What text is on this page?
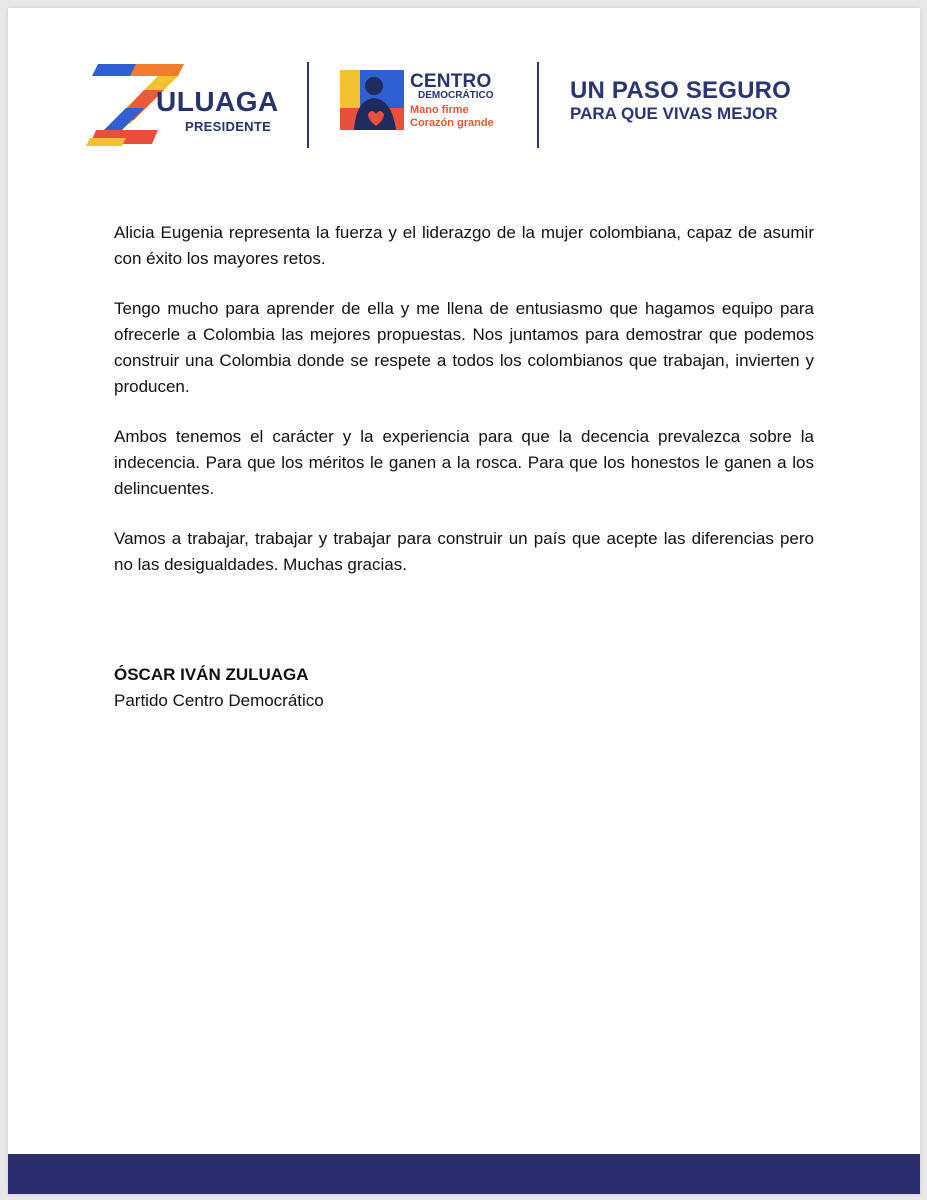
ULUAGA
PRESIDENTE
CENTRO
DEMOCRÁTICO
Mano firme
Corazón grande
UN PASO SEGURO
PARA QUE VIVAS MEJOR

Alicia Eugenia representa la fuerza y el liderazgo de la mujer colombiana, capaz de asumir con éxito los mayores retos.

Tengo mucho para aprender de ella y me llena de entusiasmo que hagamos equipo para ofrecerle a Colombia las mejores propuestas. Nos juntamos para demostrar que podemos construir una Colombia donde se respete a todos los colombianos que trabajan, invierten y producen.

Ambos tenemos el carácter y la experiencia para que la decencia prevalezca sobre la indecencia. Para que los méritos le ganen a la rosca. Para que los honestos le ganen a los delincuentes.

Vamos a trabajar, trabajar y trabajar para construir un país que acepte las diferencias pero no las desigualdades. Muchas gracias.

ÓSCAR IVÁN ZULUAGA
Partido Centro Democrático
